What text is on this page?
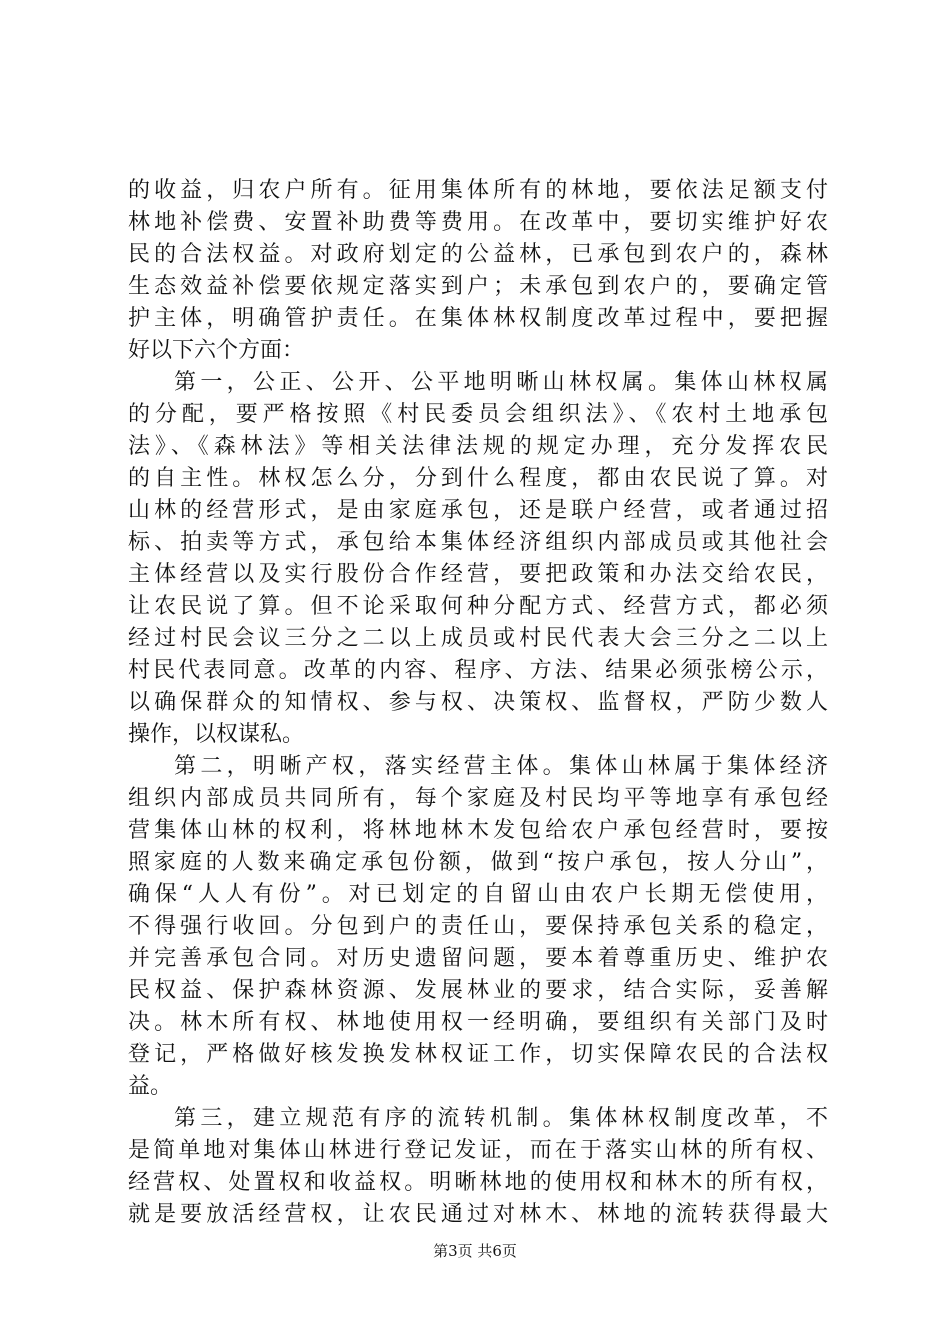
的收益，归农户所有。征用集体所有的林地，要依法足额支付
林地补偿费、安置补助费等费用。在改革中，要切实维护好农
民的合法权益。对政府划定的公益林，已承包到农户的，森林
生态效益补偿要依规定落实到户；未承包到农户的，要确定管
护主体，明确管护责任。在集体林权制度改革过程中，要把握
好以下六个方面：
第一，公正、公开、公平地明晰山林权属。集体山林权属
的分配，要严格按照《村民委员会组织法》、《农村土地承包
法》、《森林法》等相关法律法规的规定办理，充分发挥农民
的自主性。林权怎么分，分到什么程度，都由农民说了算。对
山林的经营形式，是由家庭承包，还是联户经营，或者通过招
标、拍卖等方式，承包给本集体经济组织内部成员或其他社会
主体经营以及实行股份合作经营，要把政策和办法交给农民，
让农民说了算。但不论采取何种分配方式、经营方式，都必须
经过村民会议三分之二以上成员或村民代表大会三分之二以上
村民代表同意。改革的内容、程序、方法、结果必须张榜公示，
以确保群众的知情权、参与权、决策权、监督权，严防少数人
操作，以权谋私。
第二，明晰产权，落实经营主体。集体山林属于集体经济
组织内部成员共同所有，每个家庭及村民均平等地享有承包经
营集体山林的权利，将林地林木发包给农户承包经营时，要按
照家庭的人数来确定承包份额，做到“按户承包，按人分山”，
确保“人人有份”。对已划定的自留山由农户长期无偿使用，
不得强行收回。分包到户的责任山，要保持承包关系的稳定，
并完善承包合同。对历史遗留问题，要本着尊重历史、维护农
民权益、保护森林资源、发展林业的要求，结合实际，妥善解
决。林木所有权、林地使用权一经明确，要组织有关部门及时
登记，严格做好核发换发林权证工作，切实保障农民的合法权
益。
第三，建立规范有序的流转机制。集体林权制度改革，不
是简单地对集体山林进行登记发证，而在于落实山林的所有权、
经营权、处置权和收益权。明晰林地的使用权和林木的所有权，
就是要放活经营权，让农民通过对林木、林地的流转获得最大
第3页 共6页
